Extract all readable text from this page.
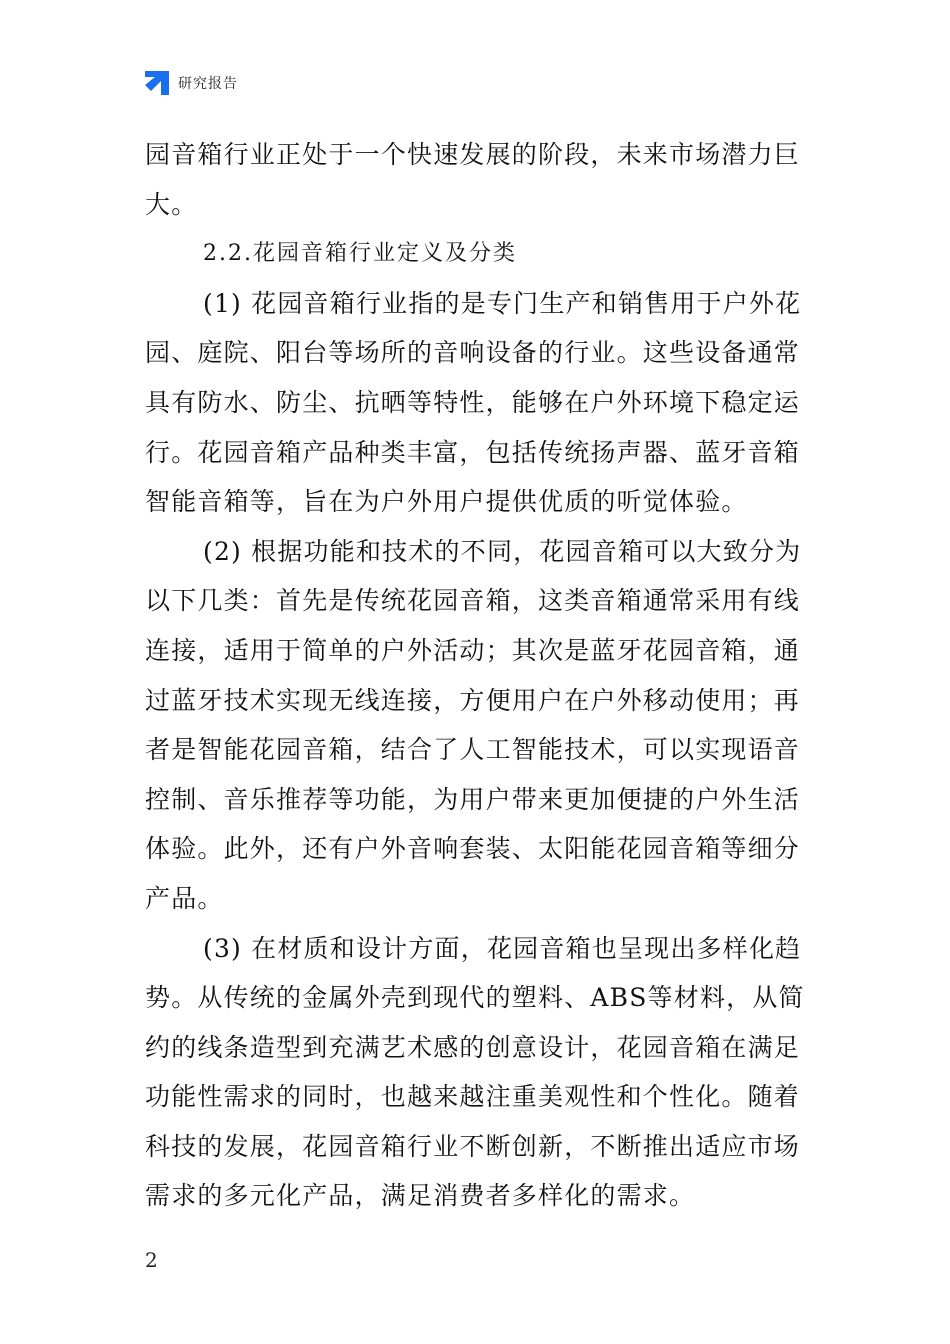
研究报告

园音箱行业正处于一个快速发展的阶段，未来市场潜力巨大。

2.2.花园音箱行业定义及分类

(1) 花园音箱行业指的是专门生产和销售用于户外花园、庭院、阳台等场所的音响设备的行业。这些设备通常具有防水、防尘、抗晒等特性，能够在户外环境下稳定运行。花园音箱产品种类丰富，包括传统扬声器、蓝牙音箱智能音箱等，旨在为户外用户提供优质的听觉体验。

(2) 根据功能和技术的不同，花园音箱可以大致分为以下几类：首先是传统花园音箱，这类音箱通常采用有线连接，适用于简单的户外活动；其次是蓝牙花园音箱，通过蓝牙技术实现无线连接，方便用户在户外移动使用；再者是智能花园音箱，结合了人工智能技术，可以实现语音控制、音乐推荐等功能，为用户带来更加便捷的户外生活体验。此外，还有户外音响套装、太阳能花园音箱等细分产品。

(3) 在材质和设计方面，花园音箱也呈现出多样化趋势。从传统的金属外壳到现代的塑料、ABS等材料，从简约的线条造型到充满艺术感的创意设计，花园音箱在满足功能性需求的同时，也越来越注重美观性和个性化。随着科技的发展，花园音箱行业不断创新，不断推出适应市场需求的多元化产品，满足消费者多样化的需求。

2
